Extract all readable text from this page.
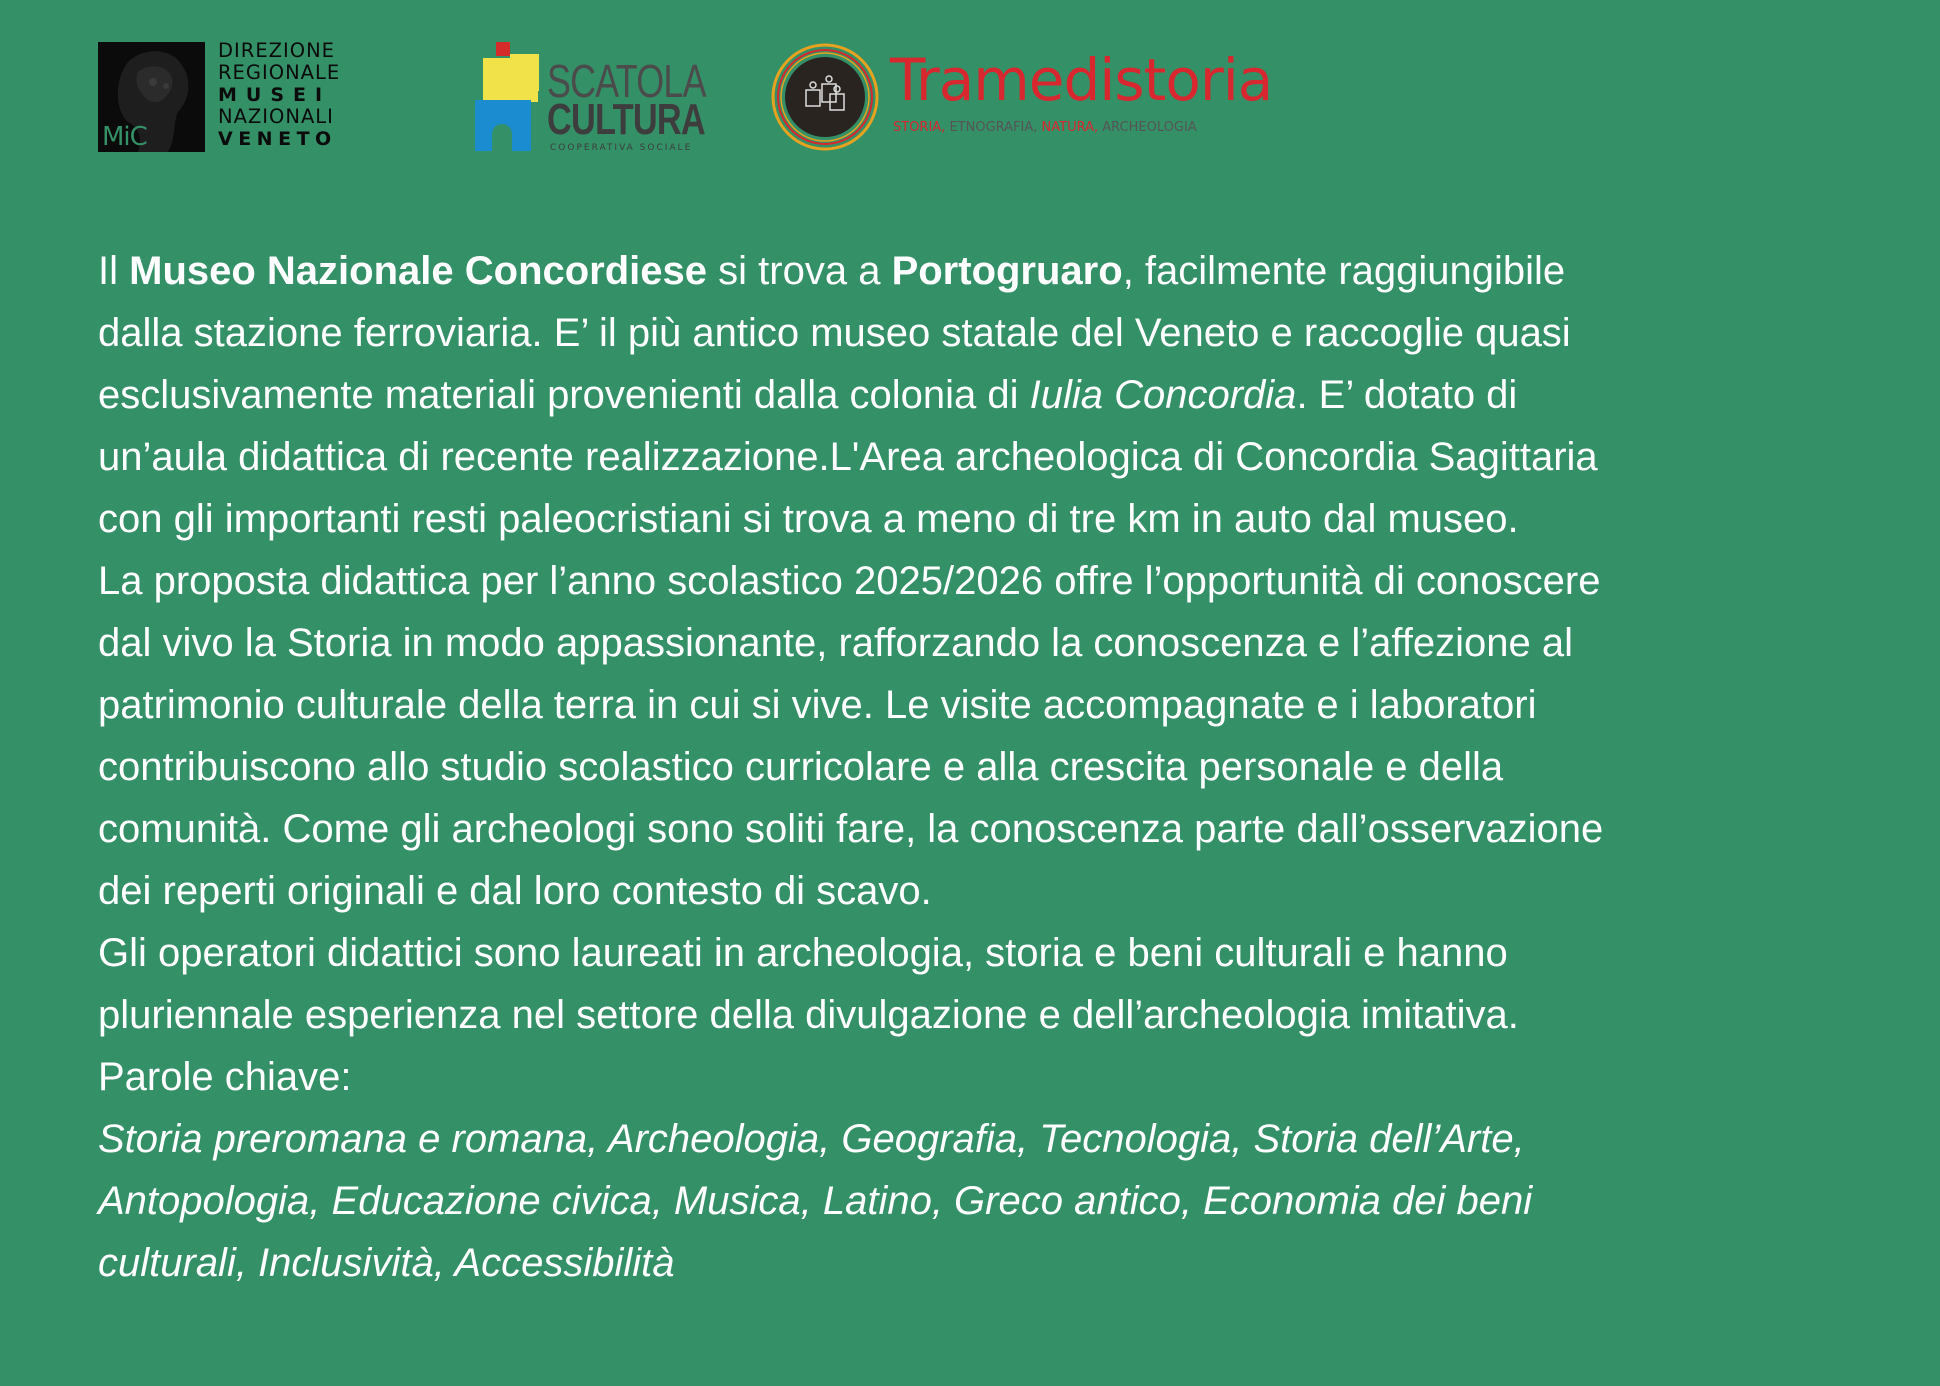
MiC
DIREZIONE
REGIONALE
MUSEI
NAZIONALI
VENETO
SCATOLA
CULTURA
COOPERATIVA SOCIALE
Tramedistoria
STORIA, ETNOGRAFIA, NATURA, ARCHEOLOGIA

Il Museo Nazionale Concordiese si trova a Portogruaro, facilmente raggiungibile

dalla stazione ferroviaria. E’ il più antico museo statale del Veneto e raccoglie quasi

esclusivamente materiali provenienti dalla colonia di Iulia Concordia. E’ dotato di

un’aula didattica di recente realizzazione.L'Area archeologica di Concordia Sagittaria

con gli importanti resti paleocristiani si trova a meno di tre km in auto dal museo.

La proposta didattica per l’anno scolastico 2025/2026 offre l’opportunità di conoscere

dal vivo la Storia in modo appassionante, rafforzando la conoscenza e l’affezione al

patrimonio culturale della terra in cui si vive. Le visite accompagnate e i laboratori

contribuiscono allo studio scolastico curricolare e alla crescita personale e della

comunità. Come gli archeologi sono soliti fare, la conoscenza parte dall’osservazione

dei reperti originali e dal loro contesto di scavo.

Gli operatori didattici sono laureati in archeologia, storia e beni culturali e hanno

pluriennale esperienza nel settore della divulgazione e dell’archeologia imitativa.

Parole chiave:

Storia preromana e romana, Archeologia, Geografia, Tecnologia, Storia dell’Arte,

Antopologia, Educazione civica, Musica, Latino, Greco antico, Economia dei beni

culturali, Inclusività, Accessibilità
